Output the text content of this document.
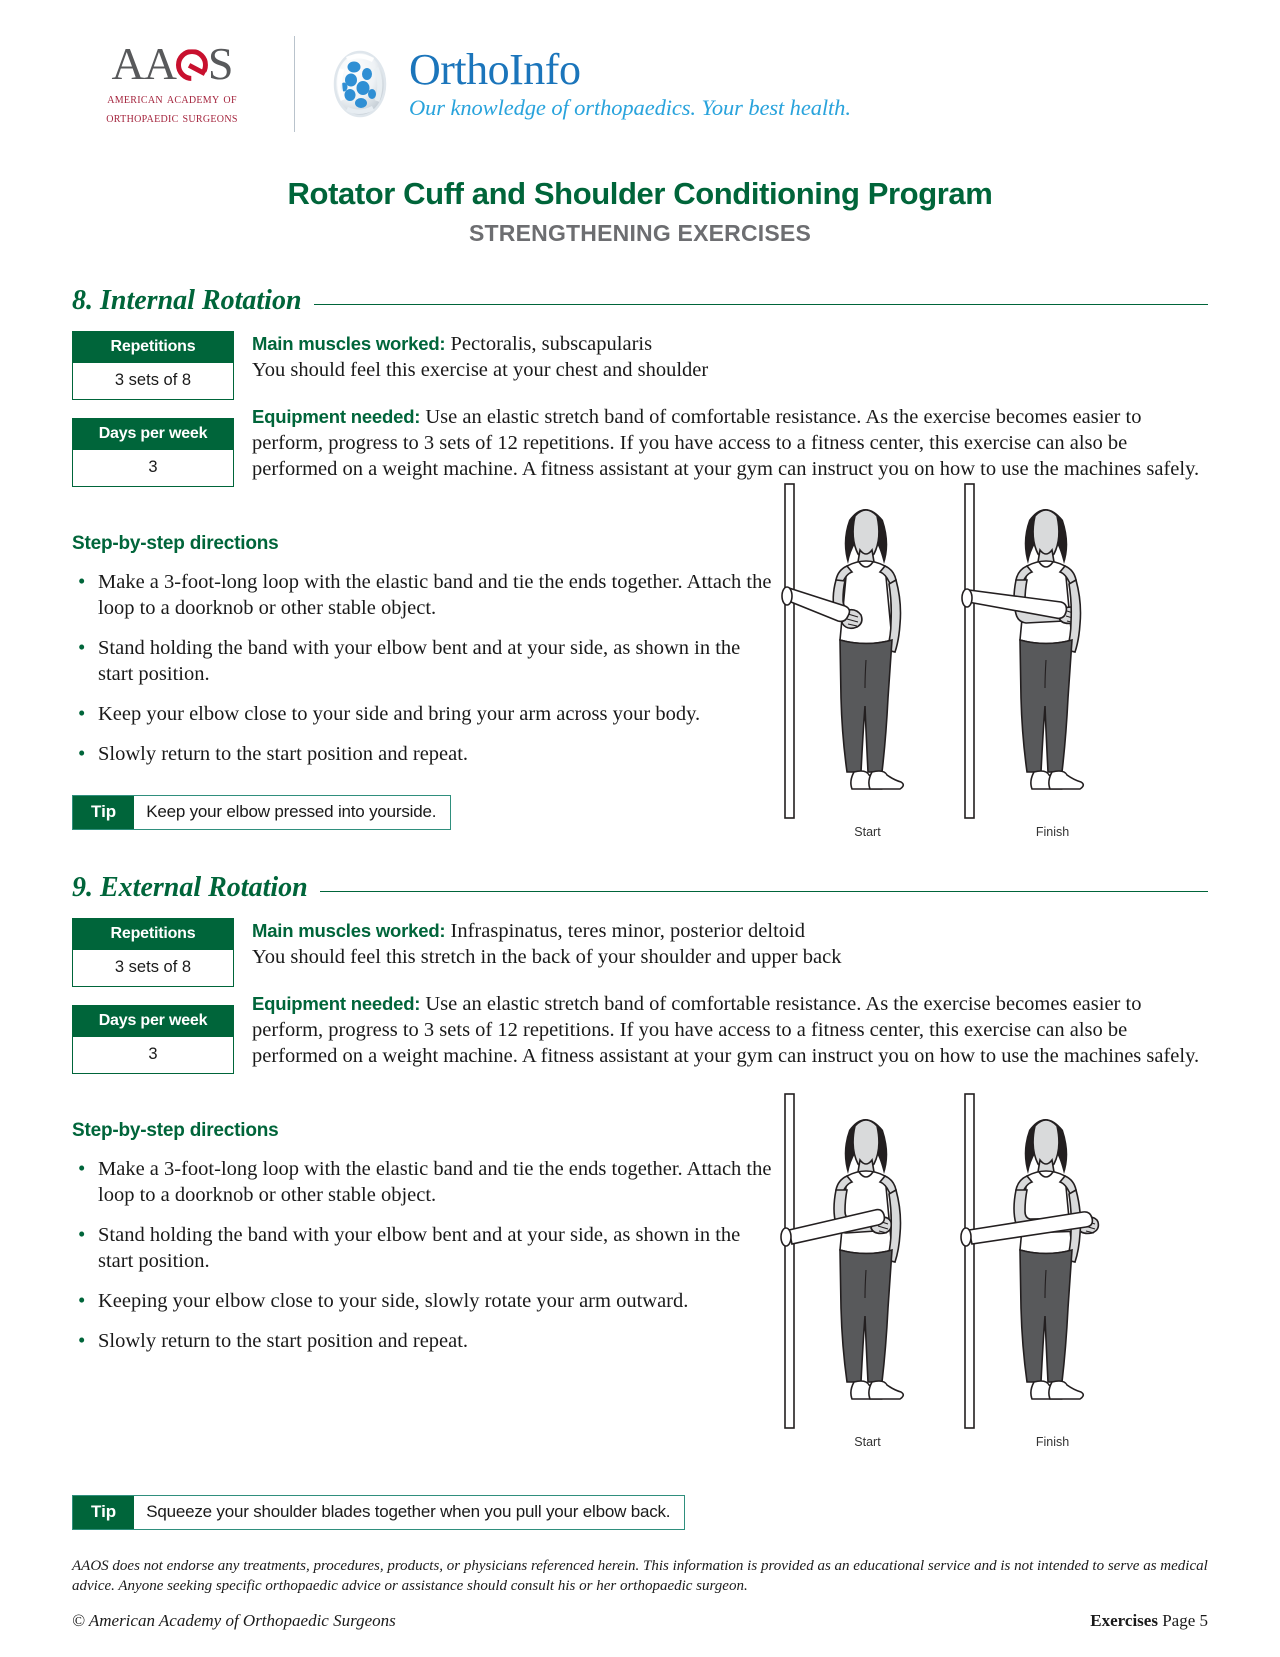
AA S
american academy of
orthopaedic surgeons
OrthoInfo
Our knowledge of orthopaedics. Your best health.
Rotator Cuff and Shoulder Conditioning Program
STRENGTHENING EXERCISES
8. Internal Rotation
Repetitions
3 sets of 8
Days per week
3

Main muscles worked: Pectoralis, subscapularis
You should feel this exercise at your chest and shoulder

Equipment needed: Use an elastic stretch band of comfortable resistance. As the exercise becomes easier to perform, progress to 3 sets of 12 repetitions. If you have access to a fitness center, this exercise can also be performed on a weight machine. A fitness assistant at your gym can instruct you on how to use the machines safely.

Step-by-step directions
• Make a 3-foot-long loop with the elastic band and tie the ends together. Attach the loop to a doorknob or other stable object.
• Stand holding the band with your elbow bent and at your side, as shown in the start position.
• Keep your elbow close to your side and bring your arm across your body.
• Slowly return to the start position and repeat.
Tip	Keep your elbow pressed into yourside.
Start	Finish
9. External Rotation
Repetitions
3 sets of 8
Days per week
3

Main muscles worked: Infraspinatus, teres minor, posterior deltoid
You should feel this stretch in the back of your shoulder and upper back

Equipment needed: Use an elastic stretch band of comfortable resistance. As the exercise becomes easier to perform, progress to 3 sets of 12 repetitions. If you have access to a fitness center, this exercise can also be performed on a weight machine. A fitness assistant at your gym can instruct you on how to use the machines safely.

Step-by-step directions
• Make a 3-foot-long loop with the elastic band and tie the ends together. Attach the loop to a doorknob or other stable object.
• Stand holding the band with your elbow bent and at your side, as shown in the start position.
• Keeping your elbow close to your side, slowly rotate your arm outward.
• Slowly return to the start position and repeat.
Tip	Squeeze your shoulder blades together when you pull your elbow back.
Start	Finish
AAOS does not endorse any treatments, procedures, products, or physicians referenced herein. This information is provided as an educational service and is not intended to serve as medical advice. Anyone seeking specific orthopaedic advice or assistance should consult his or her orthopaedic surgeon.
© American Academy of Orthopaedic Surgeons	Exercises Page 5
